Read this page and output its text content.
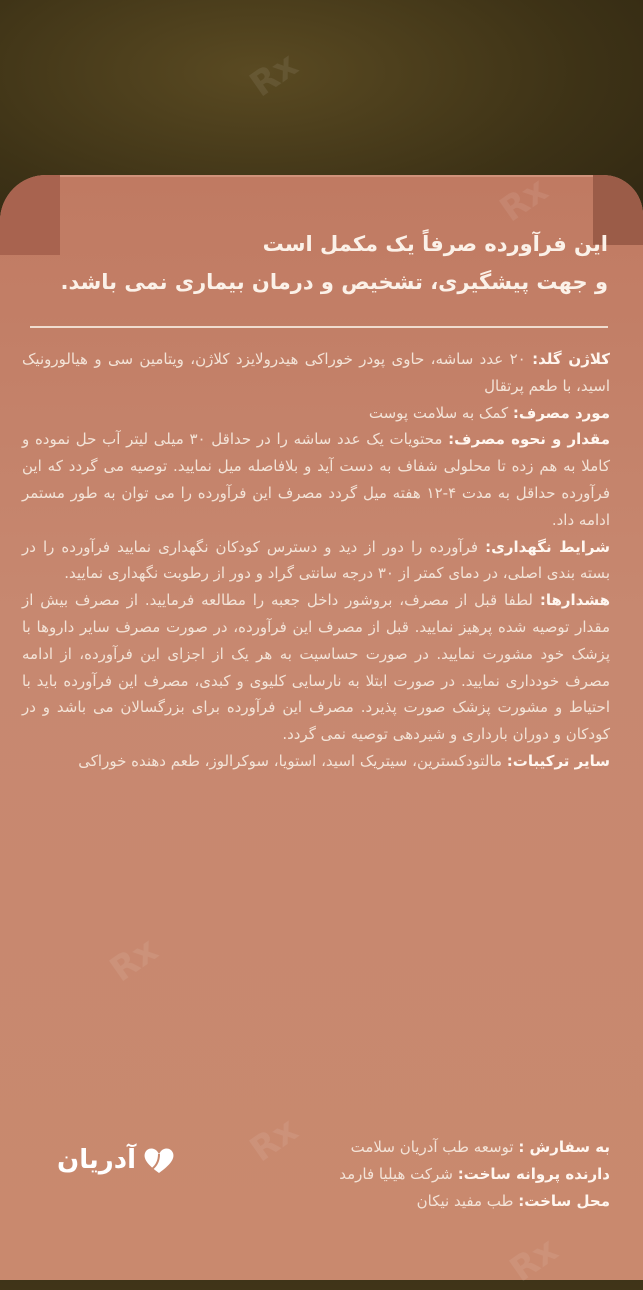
Rx
Rx
Rx
Rx
Rx
این فرآورده صرفاً یک مکمل است
و جهت پیشگیری، تشخیص و درمان بیماری نمی باشد.

کلاژن گلد: ۲۰ عدد ساشه، حاوی پودر خوراکی هیدرولایزد کلاژن، ویتامین سی و هیالورونیک اسید، با طعم پرتقال

مورد مصرف: کمک به سلامت پوست

مقدار و نحوه مصرف: محتویات یک عدد ساشه را در حداقل ۳۰ میلی لیتر آب حل نموده و کاملا به هم زده تا محلولی شفاف به دست آید و بلافاصله میل نمایید. توصیه می گردد که این فرآورده حداقل به مدت ۴-۱۲ هفته میل گردد مصرف این فرآورده را می توان به طور مستمر ادامه داد.

شرایط نگهداری: فرآورده را دور از دید و دسترس کودکان نگهداری نمایید فرآورده را در بسته بندی اصلی، در دمای کمتر از ۳۰ درجه سانتی گراد و دور از رطوبت نگهداری نمایید.

هشدارها: لطفا قبل از مصرف، بروشور داخل جعبه را مطالعه فرمایید. از مصرف بیش از مقدار توصیه شده پرهیز نمایید. قبل از مصرف این فرآورده، در صورت مصرف سایر داروها با پزشک خود مشورت نمایید. در صورت حساسیت به هر یک از اجزای این فرآورده، از ادامه مصرف خودداری نمایید. در صورت ابتلا به نارسایی کلیوی و کبدی، مصرف این فرآورده باید با احتیاط و مشورت پزشک صورت پذیرد. مصرف این فرآورده برای بزرگسالان می باشد و در کودکان و دوران بارداری و شیردهی توصیه نمی گردد.

سایر ترکیبات: مالتودکسترین، سیتریک اسید، استویا، سوکرالوز، طعم دهنده خوراکی

به سفارش : توسعه طب آدریان سلامت
دارنده پروانه ساخت: شرکت هیلیا فارمد
محل ساخت: طب مفید نیکان
آدریان
